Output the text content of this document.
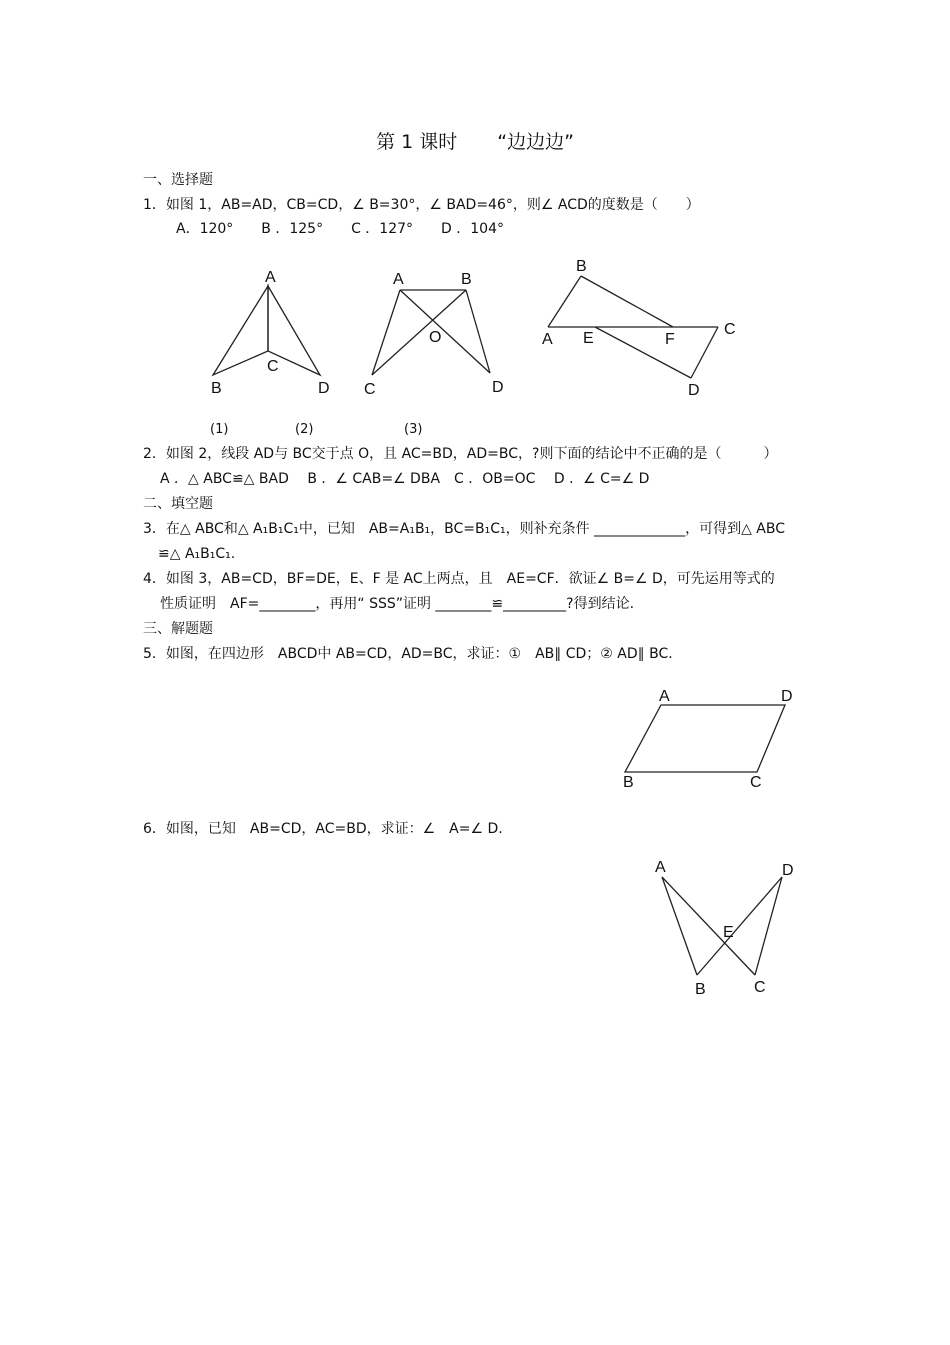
第 1 课时 “边边边”
一、选择题
1．如图 1，AB=AD，CB=CD，∠ B=30°，∠ BAD=46°，则∠ ACD的度数是（　　）
A．120°　　B ．125°　　C ．127°　　D ．104°
A
B
C
D
A	B
C	D
O
B
A E	F
C
D
(1)	(2)	(3)
2．如图 2，线段 AD与 BC交于点 O，且 AC=BD，AD=BC，?则下面的结论中不正确的是（　　　）
A ．△ ABC≌△ BAD　 B ．∠ CAB=∠ DBA　C ．OB=OC　 D ．∠ C=∠ D
二、填空题
3．在△ ABC和△ A₁B₁C₁中，已知　AB=A₁B₁，BC=B₁C₁，则补充条件 _____________，可得到△ ABC
≌△ A₁B₁C₁.
4．如图 3，AB=CD，BF=DE，E、F 是 AC上两点，且　AE=CF．欲证∠ B=∠ D，可先运用等式的
性质证明　AF=________，再用“ SSS”证明 ________≌_________?得到结论.
三、解题题
5．如图，在四边形　ABCD中 AB=CD，AD=BC，求证：①　AB∥ CD；② AD∥ BC．
A	D
B	C
6．如图，已知　AB=CD，AC=BD，求证：∠　A=∠ D.
A	D
E
B	C
